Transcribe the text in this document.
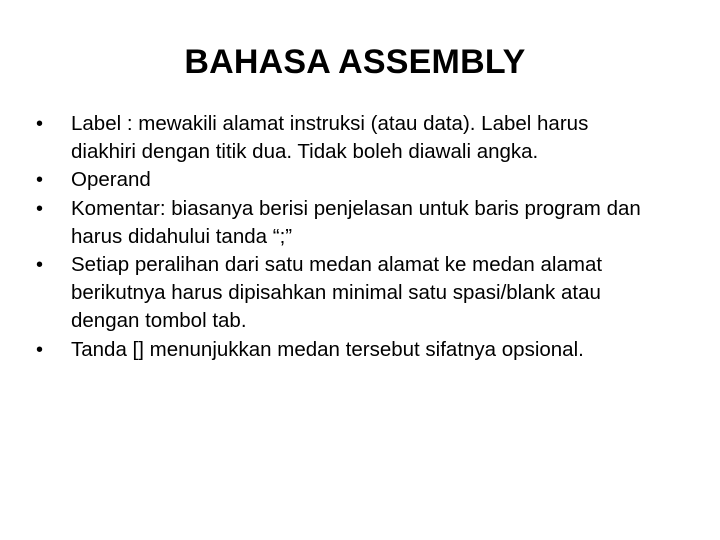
BAHASA ASSEMBLY
•	Label : mewakili alamat instruksi (atau data). Label harus diakhiri dengan titik dua. Tidak boleh diawali angka.
•	Operand
•	Komentar: biasanya berisi penjelasan untuk baris program dan harus didahului tanda “;”
•	Setiap peralihan dari satu medan alamat ke medan alamat berikutnya harus dipisahkan minimal satu spasi/blank atau dengan tombol tab.
•	Tanda [] menunjukkan medan tersebut sifatnya opsional.
